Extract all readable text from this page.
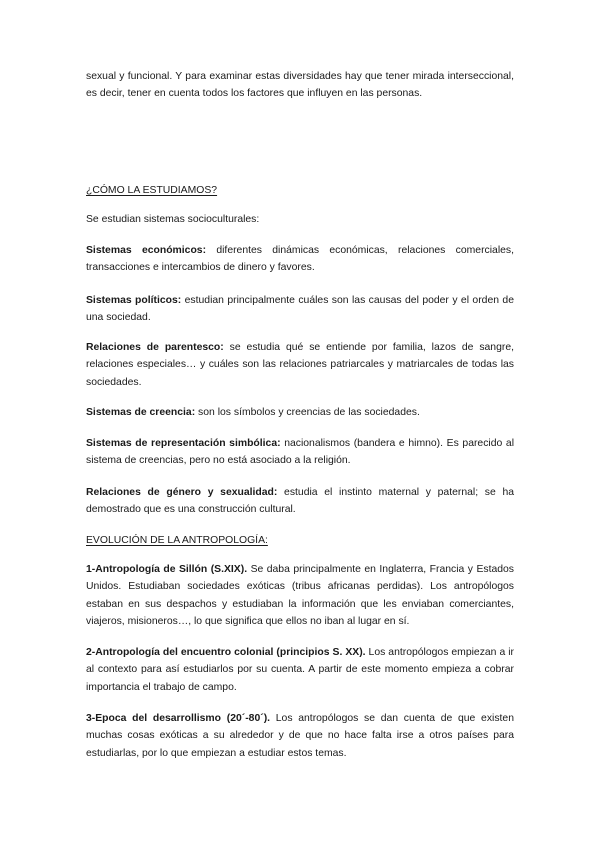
sexual y funcional. Y para examinar estas diversidades hay que tener mirada interseccional, es decir, tener en cuenta todos los factores que influyen en las personas.

¿CÓMO LA ESTUDIAMOS?

Se estudian sistemas socioculturales:

Sistemas económicos: diferentes dinámicas económicas, relaciones comerciales, transacciones e intercambios de dinero y favores.

Sistemas políticos: estudian principalmente cuáles son las causas del poder y el orden de una sociedad.

Relaciones de parentesco: se estudia qué se entiende por familia, lazos de sangre, relaciones especiales… y cuáles son las relaciones patriarcales y matriarcales de todas las sociedades.

Sistemas de creencia: son los símbolos y creencias de las sociedades.

Sistemas de representación simbólica: nacionalismos (bandera e himno). Es parecido al sistema de creencias, pero no está asociado a la religión.

Relaciones de género y sexualidad: estudia el instinto maternal y paternal; se ha demostrado que es una construcción cultural.

EVOLUCIÓN DE LA ANTROPOLOGÍA:

1-Antropología de Sillón (S.XIX). Se daba principalmente en Inglaterra, Francia y Estados Unidos. Estudiaban sociedades exóticas (tribus africanas perdidas). Los antropólogos estaban en sus despachos y estudiaban la información que les enviaban comerciantes, viajeros, misioneros…, lo que significa que ellos no iban al lugar en sí.

2-Antropología del encuentro colonial (principios S. XX). Los antropólogos empiezan a ir al contexto para así estudiarlos por su cuenta. A partir de este momento empieza a cobrar importancia el trabajo de campo.

3-Epoca del desarrollismo (20´-80´). Los antropólogos se dan cuenta de que existen muchas cosas exóticas a su alrededor y de que no hace falta irse a otros países para estudiarlas, por lo que empiezan a estudiar estos temas.
